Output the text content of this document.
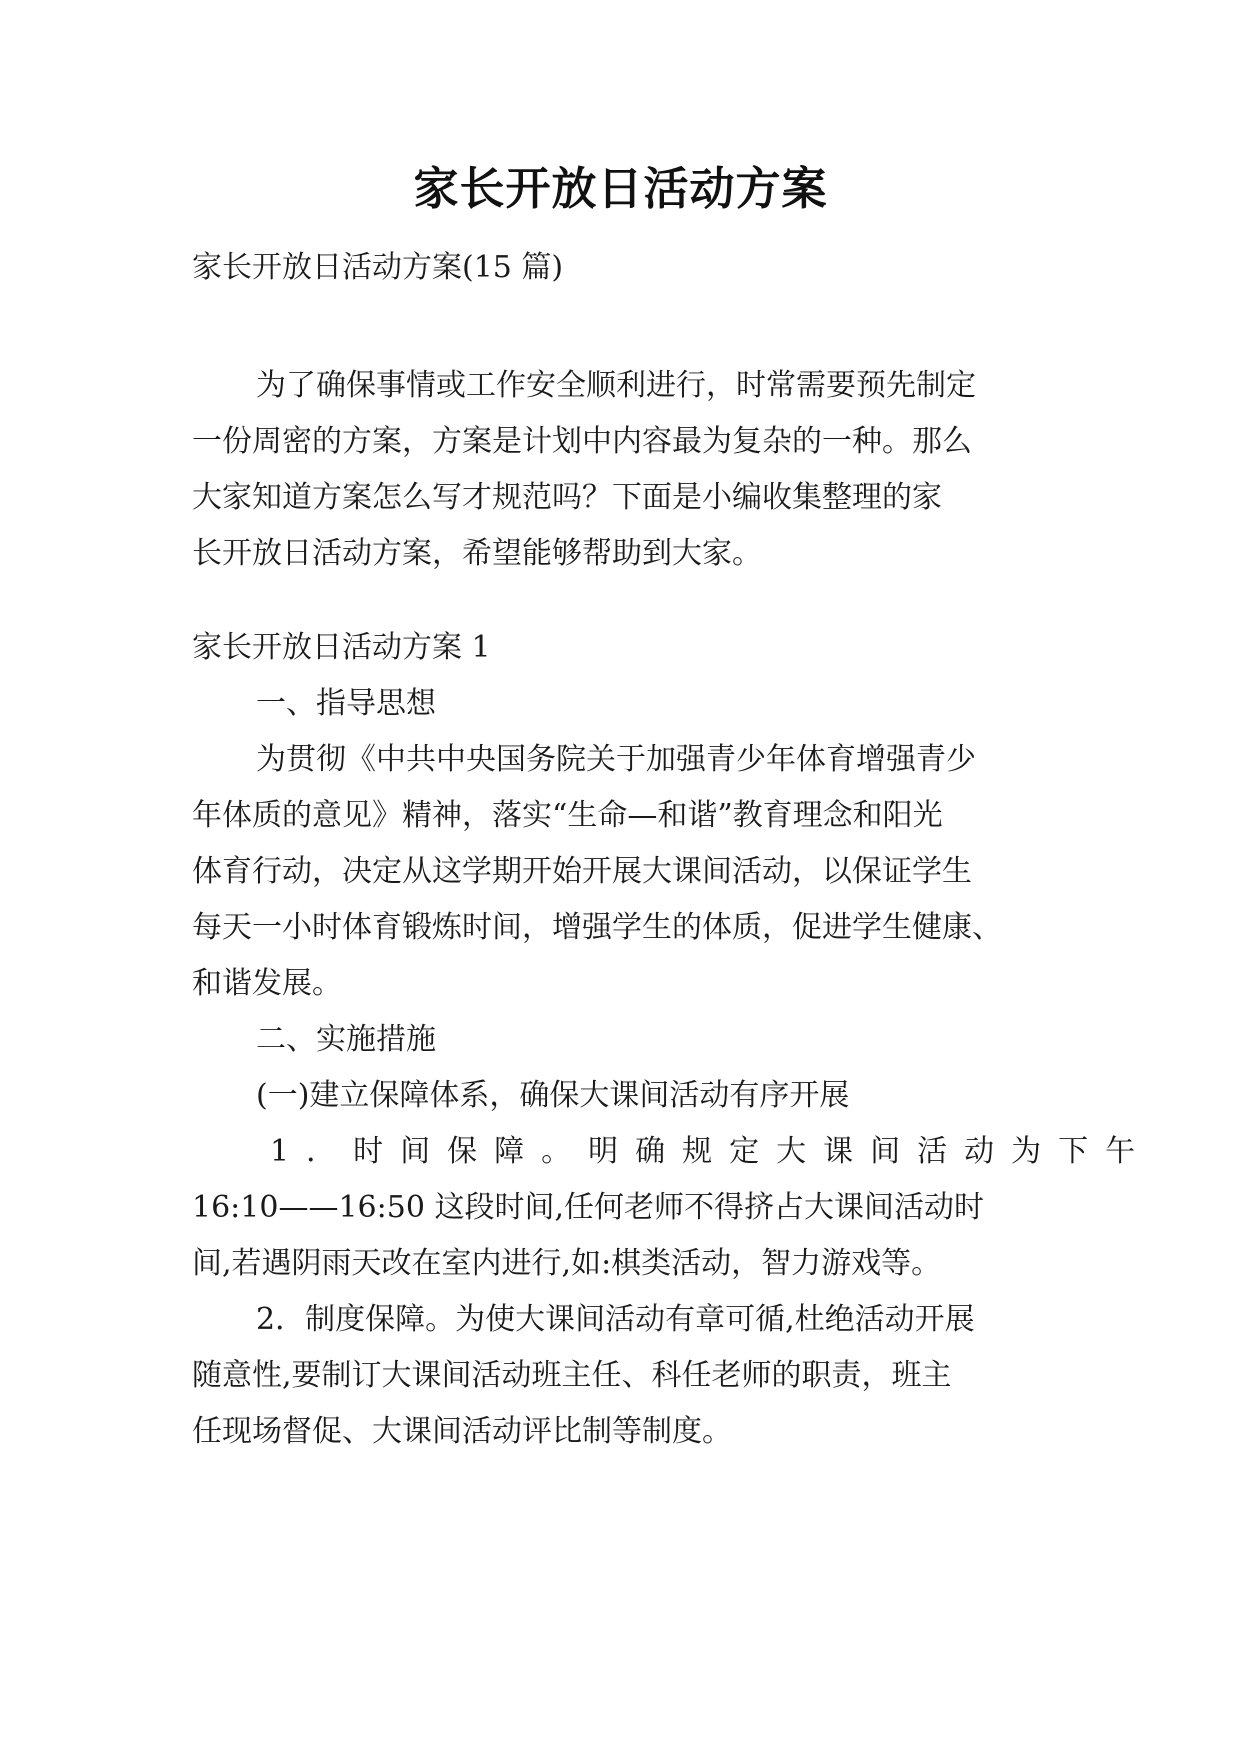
家长开放日活动方案
家长开放日活动方案(15 篇)
为了确保事情或工作安全顺利进行，时常需要预先制定
一份周密的方案，方案是计划中内容最为复杂的一种。那么
大家知道方案怎么写才规范吗？下面是小编收集整理的家
长开放日活动方案，希望能够帮助到大家。
家长开放日活动方案 1
一、指导思想
为贯彻《中共中央国务院关于加强青少年体育增强青少
年体质的意见》精神，落实“生命—和谐”教育理念和阳光
体育行动，决定从这学期开始开展大课间活动，以保证学生
每天一小时体育锻炼时间，增强学生的体质，促进学生健康、
和谐发展。
二、实施措施
(一)建立保障体系，确保大课间活动有序开展
1．时间保障。明确规定大课间活动为下午
16:10——16:50 这段时间,任何老师不得挤占大课间活动时
间,若遇阴雨天改在室内进行,如:棋类活动，智力游戏等。
2．制度保障。为使大课间活动有章可循,杜绝活动开展
随意性,要制订大课间活动班主任、科任老师的职责，班主
任现场督促、大课间活动评比制等制度。
